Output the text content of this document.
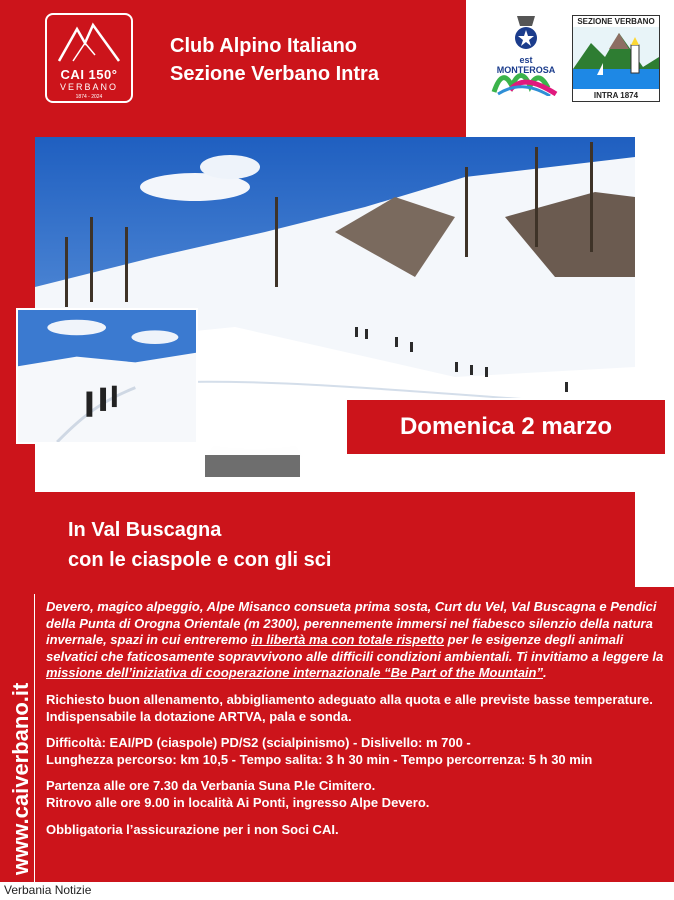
CAI 150°
VERBANO
1874 - 2024
Club Alpino Italiano
Sezione Verbano Intra
est MONTEROSA
SEZIONE VERBANO
INTRA 1874
Domenica 2 marzo
In Val Buscagna
con le ciaspole e con gli sci
www.caiverbano.it

Devero, magico alpeggio, Alpe Misanco consueta prima sosta, Curt du Vel, Val Buscagna e Pendici della Punta di Orogna Orientale (m 2300), perennemente immersi nel fiabesco silenzio della natura invernale, spazi in cui entreremo in libertà ma con totale rispetto per le esigenze degli animali selvatici che faticosamente sopravvivono alle difficili condizioni ambientali. Ti invitiamo a leggere la missione dell’iniziativa di cooperazione internazionale “Be Part of the Mountain”.

Richiesto buon allenamento, abbigliamento adeguato alla quota e alle previste basse temperature. Indispensabile la dotazione ARTVA, pala e sonda.

Difficoltà: EAI/PD (ciaspole) PD/S2 (scialpinismo) - Dislivello: m 700 -
Lunghezza percorso: km 10,5 - Tempo salita: 3 h 30 min - Tempo percorrenza: 5 h 30 min

Partenza alle ore 7.30 da Verbania Suna P.le Cimitero.
Ritrovo alle ore 9.00 in località Ai Ponti, ingresso Alpe Devero.

Obbligatoria l’assicurazione per i non Soci CAI.

Verbania Notizie
